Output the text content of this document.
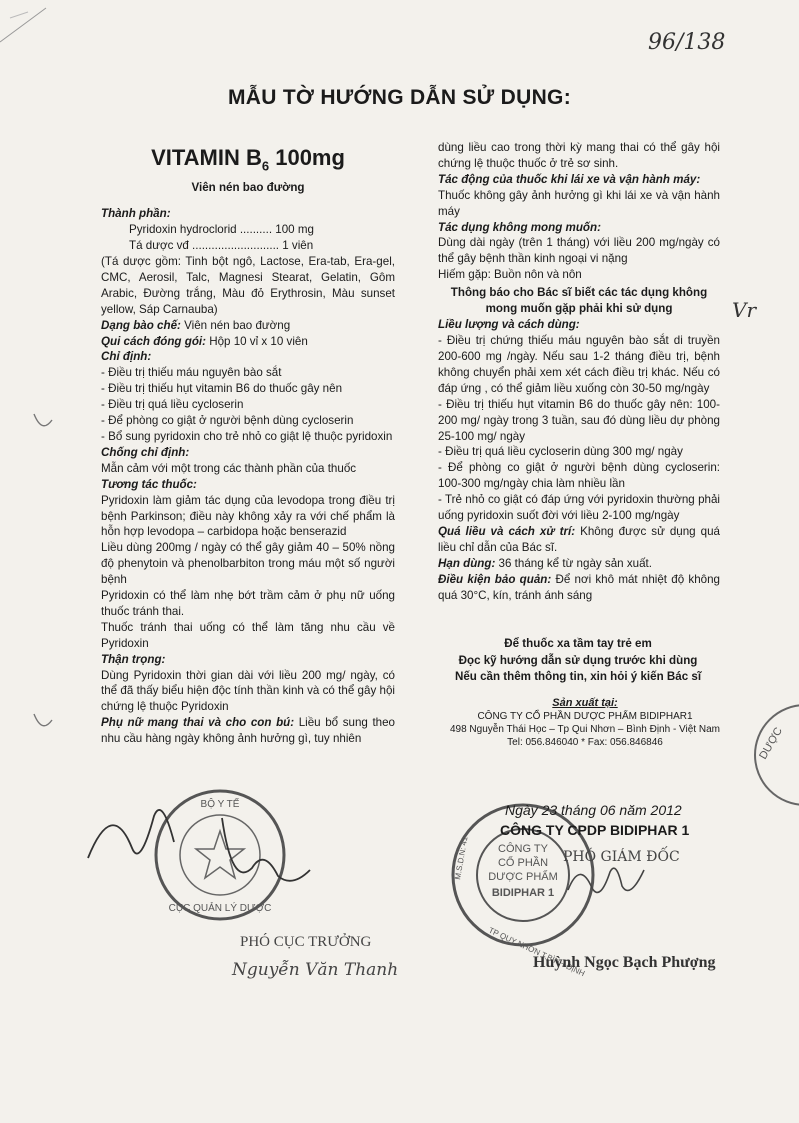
96/138
MẪU TỜ HƯỚNG DẪN SỬ DỤNG:
VITAMIN $B_6$ 100mg
Viên nén bao đường
Thành phần:
Pyridoxin hydroclorid .......... 100 mg
Tá dược vđ ........................... 1 viên
(Tá dược gồm: Tinh bột ngô, Lactose, Era-tab, Era-gel, CMC, Aerosil, Talc, Magnesi Stearat, Gelatin, Gôm Arabic, Đường trắng, Màu đỏ Erythrosin, Màu sunset yellow, Sáp Carnauba)
Dạng bào chế: Viên nén bao đường
Qui cách đóng gói: Hộp 10 vỉ x 10 viên
Chỉ định:
- Điều trị thiếu máu nguyên bào sắt
- Điều trị thiếu hụt vitamin B6 do thuốc gây nên
- Điều trị quá liều cycloserin
- Để phòng co giật ở người bệnh dùng cycloserin
- Bổ sung pyridoxin cho trẻ nhỏ co giật lệ thuộc pyridoxin
Chống chỉ định:
Mẫn cảm với một trong các thành phần của thuốc
Tương tác thuốc:
Pyridoxin làm giảm tác dụng của levodopa trong điều trị bệnh Parkinson; điều này không xảy ra với chế phẩm là hỗn hợp levodopa – carbidopa hoặc benserazid
Liều dùng 200mg / ngày có thể gây giảm 40 – 50% nồng độ phenytoin và phenolbarbiton trong máu một số người bệnh
Pyridoxin có thể làm nhẹ bớt trầm cảm ở phụ nữ uống thuốc tránh thai.
Thuốc tránh thai uống có thể làm tăng nhu cầu về Pyridoxin
Thận trọng:
Dùng Pyridoxin thời gian dài với liều 200 mg/ ngày, có thể đã thấy biểu hiện độc tính thần kinh và có thể gây hội chứng lệ thuộc Pyridoxin
Phụ nữ mang thai và cho con bú: Liều bổ sung theo nhu cầu hàng ngày không ảnh hưởng gì, tuy nhiên
dùng liều cao trong thời kỳ mang thai có thể gây hội chứng lệ thuộc thuốc ở trẻ sơ sinh.
Tác động của thuốc khi lái xe và vận hành máy:
Thuốc không gây ảnh hưởng gì khi lái xe và vận hành máy
Tác dụng không mong muốn:
Dùng dài ngày (trên 1 tháng) với liều 200 mg/ngày có thể gây bệnh thần kinh ngoại vi nặng
Hiếm gặp: Buồn nôn và nôn
Thông báo cho Bác sĩ biết các tác dụng không
mong muốn gặp phải khi sử dụng
Liều lượng và cách dùng:
- Điều trị chứng thiếu máu nguyên bào sắt di truyền 200-600 mg /ngày. Nếu sau 1-2 tháng điều trị, bệnh không chuyển phải xem xét cách điều trị khác. Nếu có đáp ứng , có thể giảm liều xuống còn 30-50 mg/ngày
- Điều trị thiếu hụt vitamin B6 do thuốc gây nên: 100-200 mg/ ngày trong 3 tuần, sau đó dùng liều dự phòng 25-100 mg/ ngày
- Điều trị quá liều cycloserin dùng 300 mg/ ngày
- Để phòng co giật ở người bệnh dùng cycloserin: 100-300 mg/ngày chia làm nhiều lần
- Trẻ nhỏ co giật có đáp ứng với pyridoxin thường phải uống pyridoxin suốt đời với liều 2-100 mg/ngày
Quá liều và cách xử trí: Không được sử dụng quá liều chỉ dẫn của Bác sĩ.
Hạn dùng: 36 tháng kể từ ngày sản xuất.
Điều kiện bảo quản: Để nơi khô mát nhiệt độ không quá 30°C, kín, tránh ánh sáng
Vr
Để thuốc xa tầm tay trẻ em
Đọc kỹ hướng dẫn sử dụng trước khi dùng
Nếu cần thêm thông tin, xin hỏi ý kiến Bác sĩ
Sản xuất tại:
CÔNG TY CỔ PHẦN DƯỢC PHẨM BIDIPHAR1
498 Nguyễn Thái Học – Tp Qui Nhơn – Bình Định - Việt Nam
Tel: 056.846040 * Fax: 056.846846	DƯỢC
CÔNG TY
CỔ PHẦN
DƯỢC PHẨM
BIDIPHAR 1
M.S.D.N: 41
TP QUY NHƠN T.BÌNH ĐỊNH
Ngày 23 tháng 06 năm 2012
CÔNG TY CPDP BIDIPHAR 1
PHÓ GIÁM ĐỐC
Huỳnh Ngọc Bạch Phượng
BỘ Y TẾ
CỤC QUẢN LÝ DƯỢC
PHÓ CỤC TRƯỞNG
Nguyễn Văn Thanh
